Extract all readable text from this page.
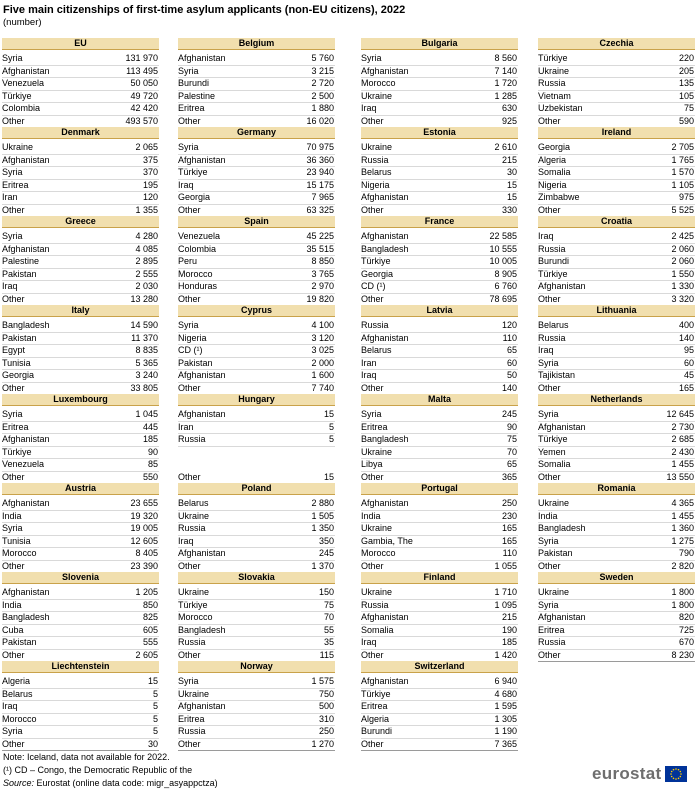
Five main citizenships of first-time asylum applicants (non-EU citizens), 2022
(number)
EU
Syria	131 970
Afghanistan	113 495
Venezuela	50 050
Türkiye	49 720
Colombia	42 420
Other	493 570
Belgium
Afghanistan	5 760
Syria	3 215
Burundi	2 720
Palestine	2 500
Eritrea	1 880
Other	16 020
Bulgaria
Syria	8 560
Afghanistan	7 140
Morocco	1 720
Ukraine	1 285
Iraq	630
Other	925
Czechia
Türkiye	220
Ukraine	205
Russia	135
Vietnam	105
Uzbekistan	75
Other	590
Denmark
Ukraine	2 065
Afghanistan	375
Syria	370
Eritrea	195
Iran	120
Other	1 355
Germany
Syria	70 975
Afghanistan	36 360
Türkiye	23 940
Iraq	15 175
Georgia	7 965
Other	63 325
Estonia
Ukraine	2 610
Russia	215
Belarus	30
Nigeria	15
Afghanistan	15
Other	330
Ireland
Georgia	2 705
Algeria	1 765
Somalia	1 570
Nigeria	1 105
Zimbabwe	975
Other	5 525
Greece
Syria	4 280
Afghanistan	4 085
Palestine	2 895
Pakistan	2 555
Iraq	2 030
Other	13 280
Spain
Venezuela	45 225
Colombia	35 515
Peru	8 850
Morocco	3 765
Honduras	2 970
Other	19 820
France
Afghanistan	22 585
Bangladesh	10 555
Türkiye	10 005
Georgia	8 905
CD (¹)	6 760
Other	78 695
Croatia
Iraq	2 425
Russia	2 060
Burundi	2 060
Türkiye	1 550
Afghanistan	1 330
Other	3 320
Italy
Bangladesh	14 590
Pakistan	11 370
Egypt	8 835
Tunisia	5 365
Georgia	3 240
Other	33 805
Cyprus
Syria	4 100
Nigeria	3 120
CD (¹)	3 025
Pakistan	2 000
Afghanistan	1 600
Other	7 740
Latvia
Russia	120
Afghanistan	110
Belarus	65
Iran	60
Iraq	50
Other	140
Lithuania
Belarus	400
Russia	140
Iraq	95
Syria	60
Tajikistan	45
Other	165
Luxembourg
Syria	1 045
Eritrea	445
Afghanistan	185
Türkiye	90
Venezuela	85
Other	550
Hungary
Afghanistan	15
Iran	5
Russia	5
Other	15
Malta
Syria	245
Eritrea	90
Bangladesh	75
Ukraine	70
Libya	65
Other	365
Netherlands
Syria	12 645
Afghanistan	2 730
Türkiye	2 685
Yemen	2 430
Somalia	1 455
Other	13 550
Austria
Afghanistan	23 655
India	19 320
Syria	19 005
Tunisia	12 605
Morocco	8 405
Other	23 390
Poland
Belarus	2 880
Ukraine	1 505
Russia	1 350
Iraq	350
Afghanistan	245
Other	1 370
Portugal
Afghanistan	250
India	230
Ukraine	165
Gambia, The	165
Morocco	110
Other	1 055
Romania
Ukraine	4 365
India	1 455
Bangladesh	1 360
Syria	1 275
Pakistan	790
Other	2 820
Slovenia
Afghanistan	1 205
India	850
Bangladesh	825
Cuba	605
Pakistan	555
Other	2 605
Slovakia
Ukraine	150
Türkiye	75
Morocco	70
Bangladesh	55
Russia	35
Other	115
Finland
Ukraine	1 710
Russia	1 095
Afghanistan	215
Somalia	190
Iraq	185
Other	1 420
Sweden
Ukraine	1 800
Syria	1 800
Afghanistan	820
Eritrea	725
Russia	670
Other	8 230
Liechtenstein
Algeria	15
Belarus	5
Iraq	5
Morocco	5
Syria	5
Other	30
Norway
Syria	1 575
Ukraine	750
Afghanistan	500
Eritrea	310
Russia	250
Other	1 270
Switzerland
Afghanistan	6 940
Türkiye	4 680
Eritrea	1 595
Algeria	1 305
Burundi	1 190
Other	7 365
Note: Iceland, data not available for 2022.
(¹) CD – Congo, the Democratic Republic of the
Source: Eurostat (online data code: migr_asyappctza)	eurostat
